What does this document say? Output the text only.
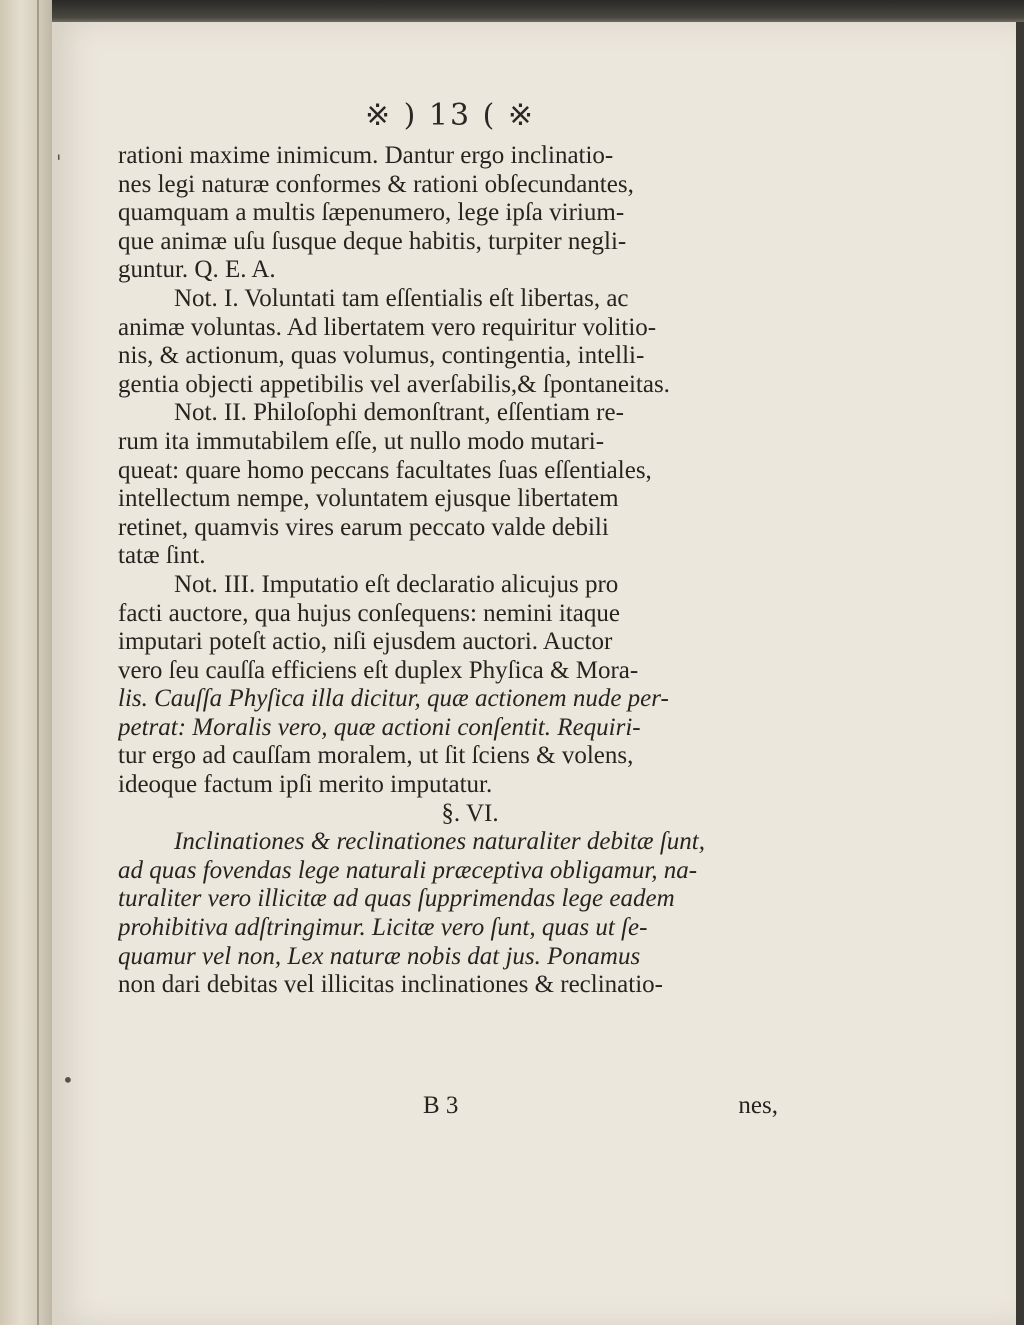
'
•
※ ) 13 ( ※
rationi maxime inimicum. Dantur ergo inclinatio-
nes legi naturæ conformes & rationi obſecundantes,
quamquam a multis ſæpenumero, lege ipſa virium-
que animæ uſu ſusque deque habitis, turpiter negli-
guntur. Q. E. A.
Not. I. Voluntati tam eſſentialis eſt libertas, ac
animæ voluntas. Ad libertatem vero requiritur volitio-
nis, & actionum, quas volumus, contingentia, intelli-
gentia objecti appetibilis vel averſabilis,& ſpontaneitas.
Not. II. Philoſophi demonſtrant, eſſentiam re-
rum ita immutabilem eſſe, ut nullo modo mutari-
queat: quare homo peccans facultates ſuas eſſentiales,
intellectum nempe, voluntatem ejusque libertatem
retinet, quamvis vires earum peccato valde debili
tatæ ſint.
Not. III. Imputatio eſt declaratio alicujus pro
facti auctore, qua hujus conſequens: nemini itaque
imputari poteſt actio, niſi ejusdem auctori. Auctor
vero ſeu cauſſa efficiens eſt duplex Phyſica & Mora-
lis. Cauſſa Phyſica illa dicitur, quæ actionem nude per-
petrat: Moralis vero, quæ actioni conſentit. Requiri-
tur ergo ad cauſſam moralem, ut ſit ſciens & volens,
ideoque factum ipſi merito imputatur.
§. VI.
Inclinationes & reclinationes naturaliter debitæ ſunt,
ad quas fovendas lege naturali præceptiva obligamur, na-
turaliter vero illicitæ ad quas ſupprimendas lege eadem
prohibitiva adſtringimur. Licitæ vero ſunt, quas ut ſe-
quamur vel non, Lex naturæ nobis dat jus. Ponamus
non dari debitas vel illicitas inclinationes & reclinatio-
B 3	nes,
